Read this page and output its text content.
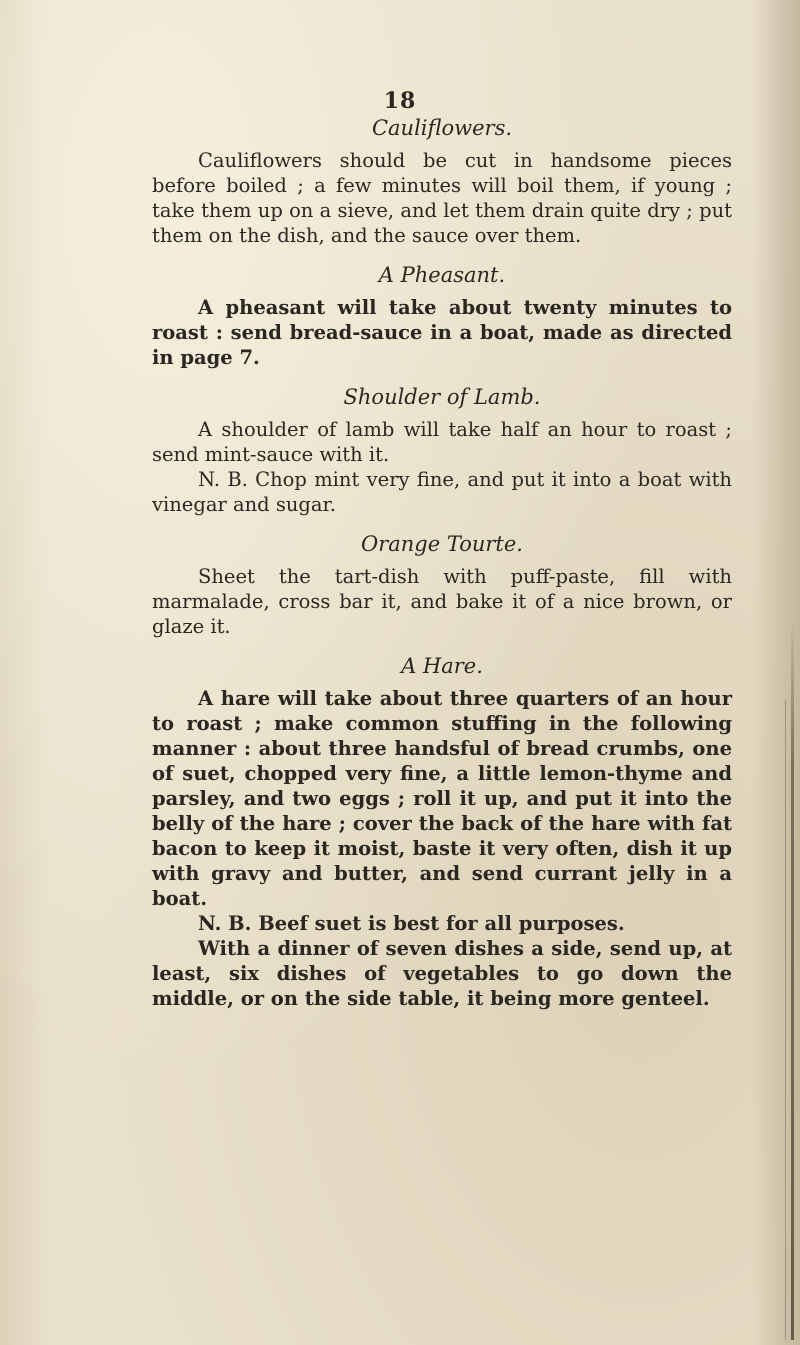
18
Cauliflowers.

Cauliflowers should be cut in handsome pieces before boiled ; a few minutes will boil them, if young ; take them up on a sieve, and let them drain quite dry ; put them on the dish, and the sauce over them.

A Pheasant.

A pheasant will take about twenty minutes to roast : send bread-sauce in a boat, made as directed in page 7.

Shoulder of Lamb.

A shoulder of lamb will take half an hour to roast ; send mint-sauce with it.

N. B. Chop mint very fine, and put it into a boat with vinegar and sugar.

Orange Tourte.

Sheet the tart-dish with puff-paste, fill with marmalade, cross bar it, and bake it of a nice brown, or glaze it.

A Hare.

A hare will take about three quarters of an hour to roast ; make common stuffing in the following manner : about three handsful of bread crumbs, one of suet, chopped very fine, a little lemon-thyme and parsley, and two eggs ; roll it up, and put it into the belly of the hare ; cover the back of the hare with fat bacon to keep it moist, baste it very often, dish it up with gravy and butter, and send currant jelly in a boat.

N. B. Beef suet is best for all purposes.

With a dinner of seven dishes a side, send up, at least, six dishes of vegetables to go down the middle, or on the side table, it being more genteel.
